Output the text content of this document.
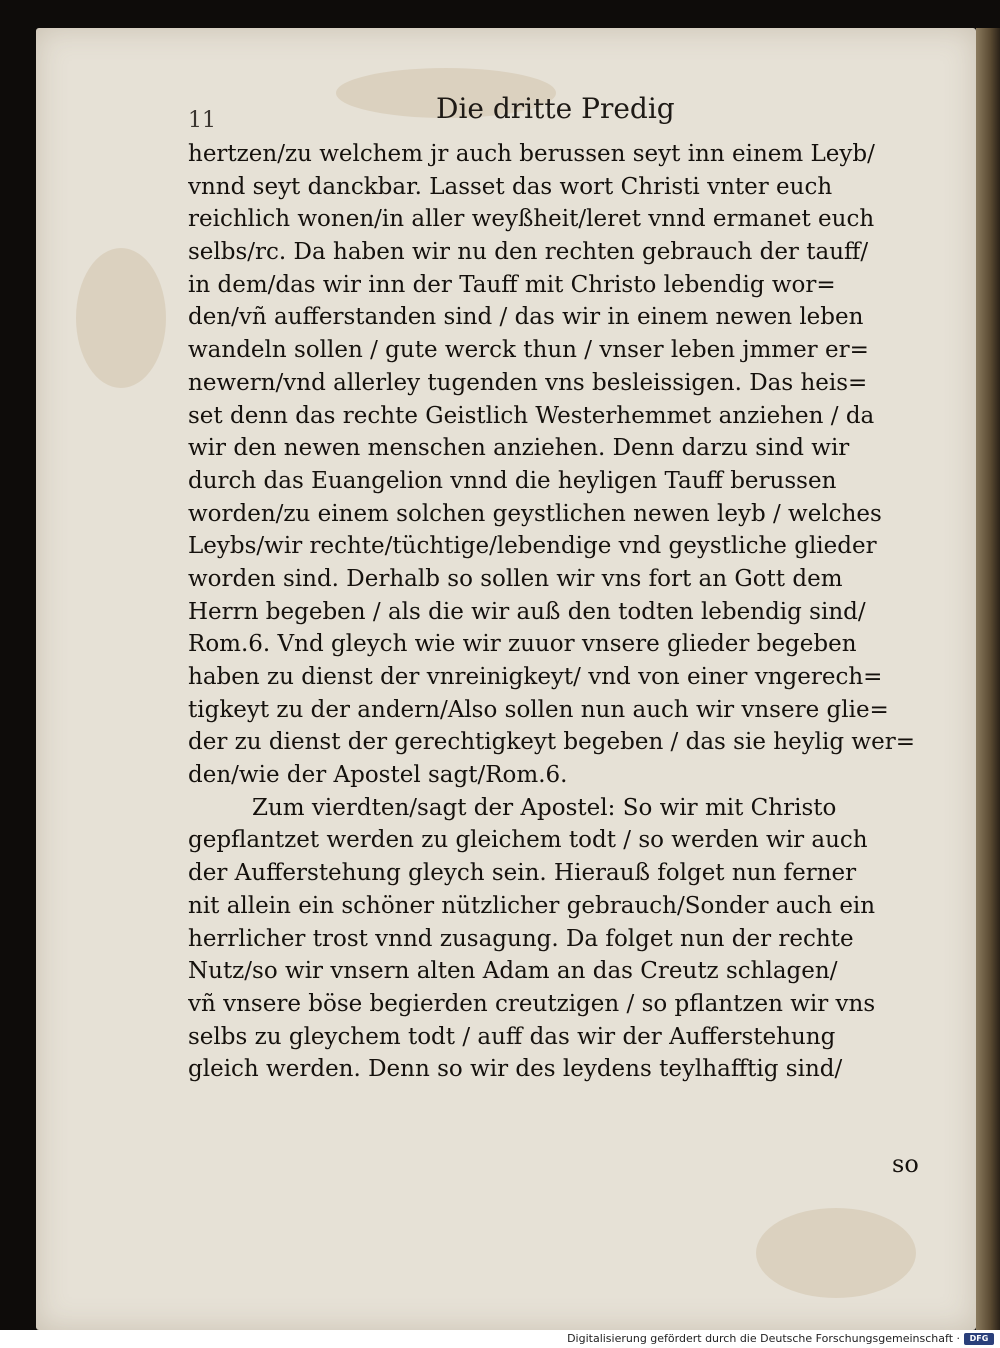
11	Die dritte Predig
hertzen/zu welchem jr auch berussen seyt inn einem Leyb/
vnnd seyt danckbar. Lasset das wort Christi vnter euch
reichlich wonen/in aller weyßheit/leret vnnd ermanet euch
selbs/rc. Da haben wir nu den rechten gebrauch der tauff/
in dem/das wir inn der Tauff mit Christo lebendig wor=
den/vñ aufferstanden sind / das wir in einem newen leben
wandeln sollen / gute werck thun / vnser leben jmmer er=
newern/vnd allerley tugenden vns besleissigen. Das heis=
set denn das rechte Geistlich Westerhemmet anziehen / da
wir den newen menschen anziehen. Denn darzu sind wir
durch das Euangelion vnnd die heyligen Tauff berussen
worden/zu einem solchen geystlichen newen leyb / welches
Leybs/wir rechte/tüchtige/lebendige vnd geystliche glieder
worden sind. Derhalb so sollen wir vns fort an Gott dem
Herrn begeben / als die wir auß den todten lebendig sind/
Rom.6. Vnd gleych wie wir zuuor vnsere glieder begeben
haben zu dienst der vnreinigkeyt/ vnd von einer vngerech=
tigkeyt zu der andern/Also sollen nun auch wir vnsere glie=
der zu dienst der gerechtigkeyt begeben / das sie heylig wer=
den/wie der Apostel sagt/Rom.6.
Zum vierdten/sagt der Apostel: So wir mit Christo
gepflantzet werden zu gleichem todt / so werden wir auch
der Aufferstehung gleych sein. Hierauß folget nun ferner
nit allein ein schöner nützlicher gebrauch/Sonder auch ein
herrlicher trost vnnd zusagung. Da folget nun der rechte
Nutz/so wir vnsern alten Adam an das Creutz schlagen/
vñ vnsere böse begierden creutzigen / so pflantzen wir vns
selbs zu gleychem todt / auff das wir der Aufferstehung
gleich werden. Denn so wir des leydens teylhafftig sind/
so
Digitalisierung gefördert durch die Deutsche Forschungsgemeinschaft ·	DFG
